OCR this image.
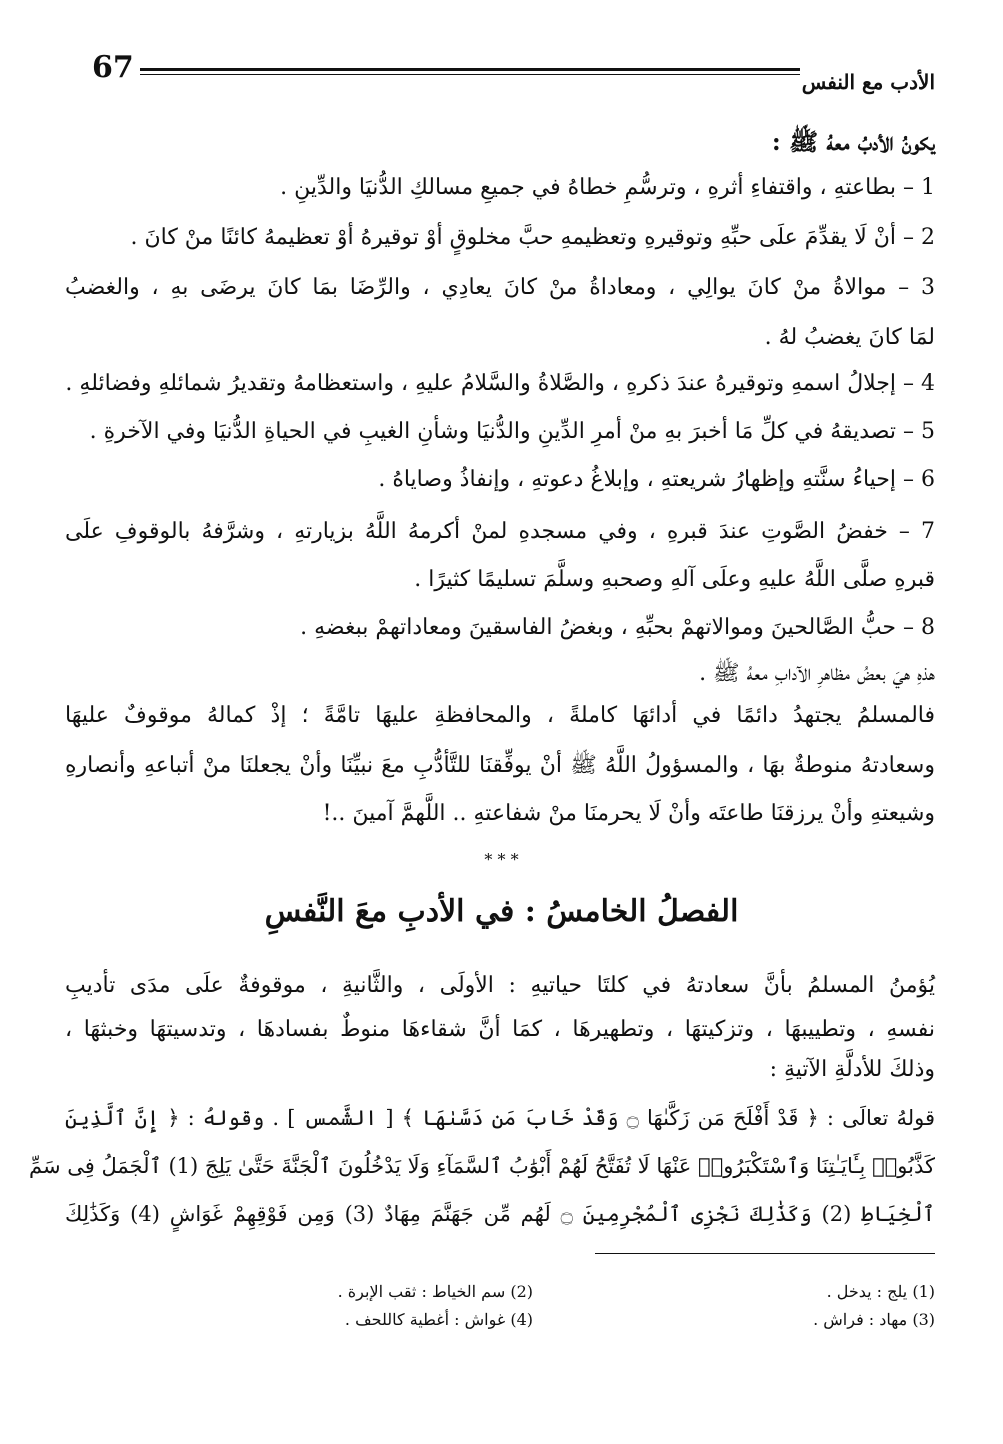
67	الأدب مع النفس
يكونُ الأدبُ معهُ ﷺ :
1 – بطاعتهِ ، واقتفاءِ أثرهِ ، وترسُّمِ خطاهُ في جميعِ مسالكِ الدُّنيَا والدِّينِ .
2 – أنْ لَا يقدِّمَ علَى حبِّهِ وتوقيرهِ وتعظيمهِ حبَّ مخلوقٍ أوْ توقيرهُ أوْ تعظيمهُ كائنًا منْ كانَ .
3 – موالاةُ منْ كانَ يوالِي ، ومعاداةُ منْ كانَ يعادِي ، والرِّضَا بمَا كانَ يرضَى بهِ ، والغضبُ
لمَا كانَ يغضبُ لهُ .
4 – إجلالُ اسمهِ وتوقيرهُ عندَ ذكرهِ ، والصَّلاةُ والسَّلامُ عليهِ ، واستعظامهُ وتقديرُ شمائلهِ وفضائلهِ .
5 – تصديقهُ في كلِّ مَا أخبرَ بهِ منْ أمرِ الدِّينِ والدُّنيَا وشأنِ الغيبِ في الحياةِ الدُّنيَا وفي الآخرةِ .
6 – إحياءُ سنَّتهِ وإظهارُ شريعتهِ ، وإبلاغُ دعوتهِ ، وإنفاذُ وصاياهُ .
7 – خفضُ الصَّوتِ عندَ قبرهِ ، وفي مسجدهِ لمنْ أكرمهُ اللَّهُ بزيارتهِ ، وشرَّفهُ بالوقوفِ علَى
قبرهِ صلَّى اللَّهُ عليهِ وعلَى آلهِ وصحبهِ وسلَّمَ تسليمًا كثيرًا .
8 – حبُّ الصَّالحينَ وموالاتهمْ بحبِّهِ ، وبغضُ الفاسقينَ ومعاداتهمْ ببغضهِ .
هذهِ هيَ بعضُ مظاهرِ الآدابِ معهُ ﷺ .
فالمسلمُ يجتهدُ دائمًا في أدائهَا كاملةً ، والمحافظةِ عليهَا تامَّةً ؛ إذْ كمالهُ موقوفٌ عليهَا
وسعادتهُ منوطةٌ بهَا ، والمسؤولُ اللَّهُ ﷺ أنْ يوفِّقنَا للتَّأدُّبِ معَ نبيِّنَا وأنْ يجعلنَا منْ أتباعهِ وأنصارهِ
وشيعتهِ وأنْ يرزقنَا طاعتَه وأنْ لَا يحرمنَا منْ شفاعتهِ .. اللَّهمَّ آمينَ ..!
* * *
الفصلُ الخامسُ : في الأدبِ معَ النَّفسِ
يُؤمنُ المسلمُ بأنَّ سعادتهُ في كلتَا حياتيهِ : الأولَى ، والثَّانيةِ ، موقوفةٌ علَى مدَى تأديبِ
نفسهِ ، وتطييبهَا ، وتزكيتهَا ، وتطهيرهَا ، كمَا أنَّ شقاءهَا منوطٌ بفسادهَا ، وتدسيتهَا وخبثهَا ،
وذلكَ للأدلَّةِ الآتيةِ :
قولهُ تعالَى : ﴿ قَدْ أَفْلَحَ مَن زَكَّىٰهَا ۝ وَقَدْ خَابَ مَن دَسَّىٰهَا ﴾ [ الشَّمس ] . وقولهُ : ﴿ إِنَّ ٱلَّذِينَ
كَذَّبُوا۟ بِـَٔايَـٰتِنَا وَٱسْتَكْبَرُوا۟ عَنْهَا لَا تُفَتَّحُ لَهُمْ أَبْوَٰبُ ٱلسَّمَآءِ وَلَا يَدْخُلُونَ ٱلْجَنَّةَ حَتَّىٰ يَلِجَ (1) ٱلْجَمَلُ فِى سَمِّ
ٱلْخِيَاطِ (2) وَكَذَٰلِكَ نَجْزِى ٱلْمُجْرِمِينَ ۝ لَهُم مِّن جَهَنَّمَ مِهَادٌ (3) وَمِن فَوْقِهِمْ غَوَاشٍ (4) وَكَذَٰلِكَ
(1) يلج : يدخل .
(2) سم الخياط : ثقب الإبرة .
(3) مهاد : فراش .
(4) غواش : أغطية كاللحف .
